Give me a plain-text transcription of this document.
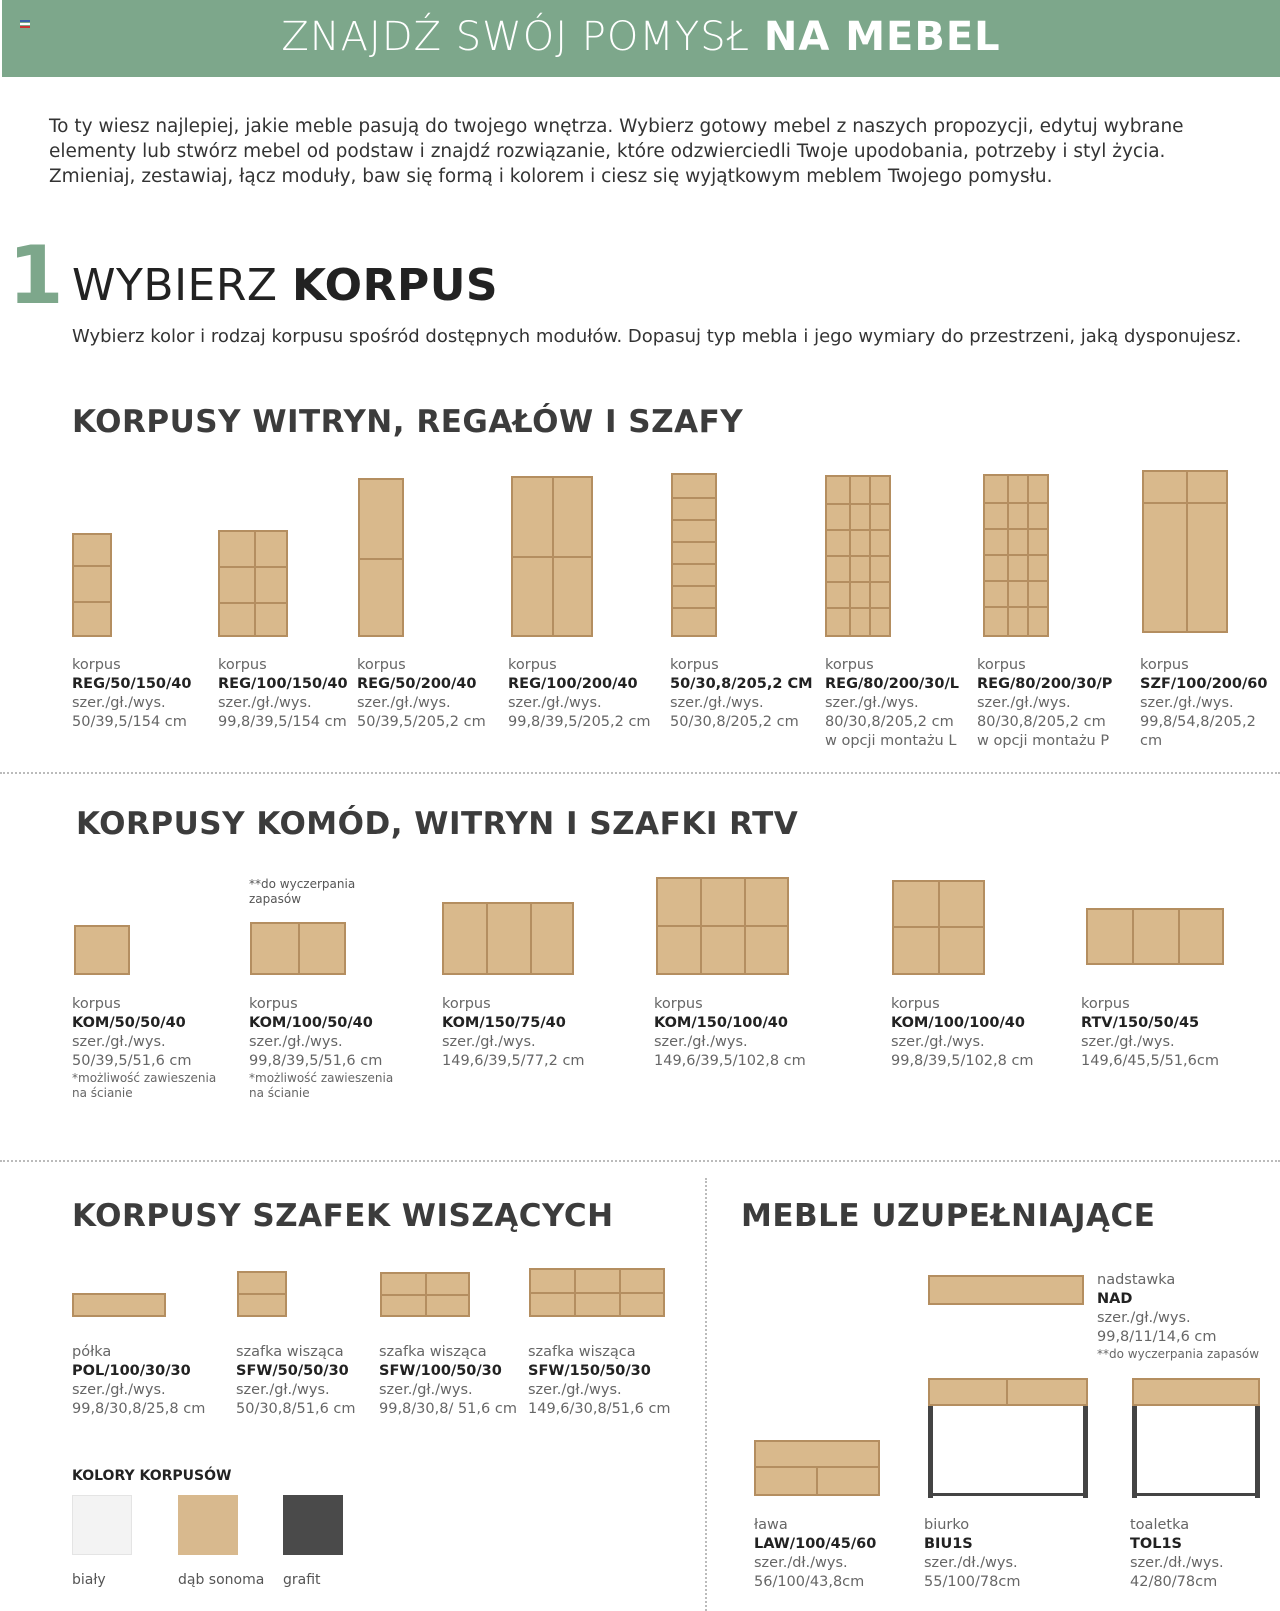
ZNAJDŹ SWÓJ POMYSŁ NA MEBEL
To ty wiesz najlepiej, jakie meble pasują do twojego wnętrza. Wybierz gotowy mebel z naszych propozycji, edytuj wybrane elementy lub stwórz mebel od podstaw i znajdź rozwiązanie, które odzwierciedli Twoje upodobania, potrzeby i styl życia. Zmieniaj, zestawiaj, łącz moduły, baw się formą i kolorem i ciesz się wyjątkowym meblem Twojego pomysłu.
1 WYBIERZ KORPUS
Wybierz kolor i rodzaj korpusu spośród dostępnych modułów. Dopasuj typ mebla i jego wymiary do przestrzeni, jaką dysponujesz.
KORPUSY WITRYN, REGAŁÓW I SZAFY
korpus
REG/50/150/40
szer./gł./wys.
50/39,5/154 cm
korpus
REG/100/150/40
szer./gł./wys.
99,8/39,5/154 cm
korpus
REG/50/200/40
szer./gł./wys.
50/39,5/205,2 cm
korpus
REG/100/200/40
szer./gł./wys.
99,8/39,5/205,2 cm
korpus
50/30,8/205,2 CM
szer./gł./wys.
50/30,8/205,2 cm
korpus
REG/80/200/30/L
szer./gł./wys.
80/30,8/205,2 cm
w opcji montażu L
korpus
REG/80/200/30/P
szer./gł./wys.
80/30,8/205,2 cm
w opcji montażu P
korpus
SZF/100/200/60
szer./gł./wys.
99,8/54,8/205,2 cm
KORPUSY KOMÓD, WITRYN I SZAFKI RTV
**do wyczerpania zapasów
korpus
KOM/50/50/40
szer./gł./wys.
50/39,5/51,6 cm
*możliwość zawieszenia na ścianie
korpus
KOM/100/50/40
szer./gł./wys.
99,8/39,5/51,6 cm
*możliwość zawieszenia na ścianie
korpus
KOM/150/75/40
szer./gł./wys.
149,6/39,5/77,2 cm
korpus
KOM/150/100/40
szer./gł./wys.
149,6/39,5/102,8 cm
korpus
KOM/100/100/40
szer./gł./wys.
99,8/39,5/102,8 cm
korpus
RTV/150/50/45
szer./gł./wys.
149,6/45,5/51,6cm
KORPUSY SZAFEK WISZĄCYCH
półka
POL/100/30/30
szer./gł./wys.
99,8/30,8/25,8 cm
szafka wisząca
SFW/50/50/30
szer./gł./wys.
50/30,8/51,6 cm
szafka wisząca
SFW/100/50/30
szer./gł./wys.
99,8/30,8/ 51,6 cm
szafka wisząca
SFW/150/50/30
szer./gł./wys.
149,6/30,8/51,6 cm
KOLORY KORPUSÓW
biały	dąb sonoma grafit
MEBLE UZUPEŁNIAJĄCE
nadstawka
NAD
szer./gł./wys.
99,8/11/14,6 cm
**do wyczerpania zapasów
ława
LAW/100/45/60
szer./dł./wys.
56/100/43,8cm
biurko
BIU1S
szer./dł./wys.
55/100/78cm
toaletka
TOL1S
szer./dł./wys.
42/80/78cm
